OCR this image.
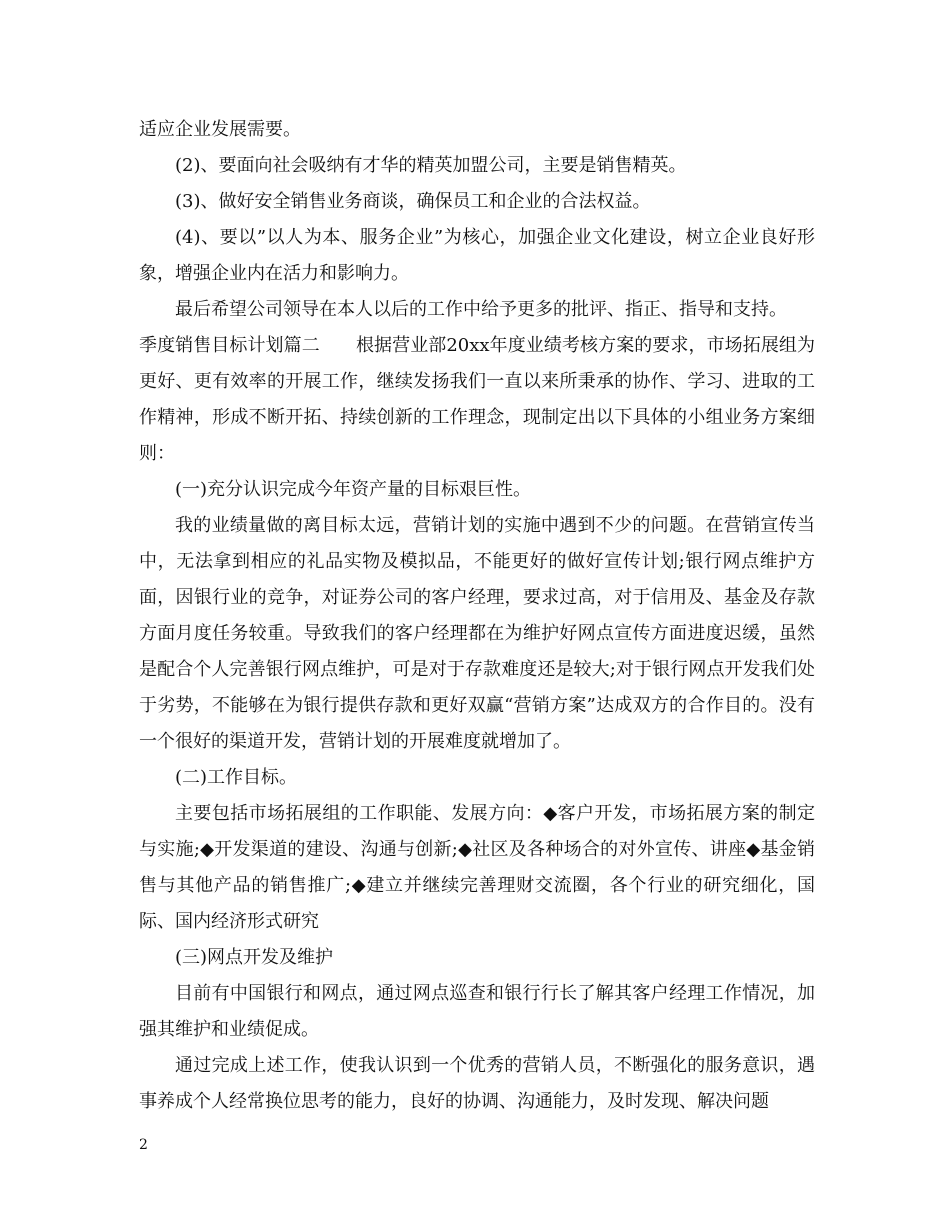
适应企业发展需要。

(2)、要面向社会吸纳有才华的精英加盟公司，主要是销售精英。

(3)、做好安全销售业务商谈，确保员工和企业的合法权益。

(4)、要以”以人为本、服务企业”为核心，加强企业文化建设，树立企业良好形象，增强企业内在活力和影响力。

最后希望公司领导在本人以后的工作中给予更多的批评、指正、指导和支持。

季度销售目标计划篇二　　根据营业部20xx年度业绩考核方案的要求，市场拓展组为更好、更有效率的开展工作，继续发扬我们一直以来所秉承的协作、学习、进取的工作精神，形成不断开拓、持续创新的工作理念，现制定出以下具体的小组业务方案细则：

(一)充分认识完成今年资产量的目标艰巨性。

我的业绩量做的离目标太远，营销计划的实施中遇到不少的问题。在营销宣传当中，无法拿到相应的礼品实物及模拟品，不能更好的做好宣传计划;银行网点维护方面，因银行业的竞争，对证券公司的客户经理，要求过高，对于信用及、基金及存款方面月度任务较重。导致我们的客户经理都在为维护好网点宣传方面进度迟缓，虽然是配合个人完善银行网点维护，可是对于存款难度还是较大;对于银行网点开发我们处于劣势，不能够在为银行提供存款和更好双赢“营销方案”达成双方的合作目的。没有一个很好的渠道开发，营销计划的开展难度就增加了。

(二)工作目标。

主要包括市场拓展组的工作职能、发展方向：◆客户开发，市场拓展方案的制定与实施;◆开发渠道的建设、沟通与创新;◆社区及各种场合的对外宣传、讲座◆基金销售与其他产品的销售推广;◆建立并继续完善理财交流圈，各个行业的研究细化，国际、国内经济形式研究

(三)网点开发及维护

目前有中国银行和网点，通过网点巡查和银行行长了解其客户经理工作情况，加强其维护和业绩促成。

通过完成上述工作，使我认识到一个优秀的营销人员，不断强化的服务意识，遇事养成个人经常换位思考的能力，良好的协调、沟通能力，及时发现、解决问题

2
